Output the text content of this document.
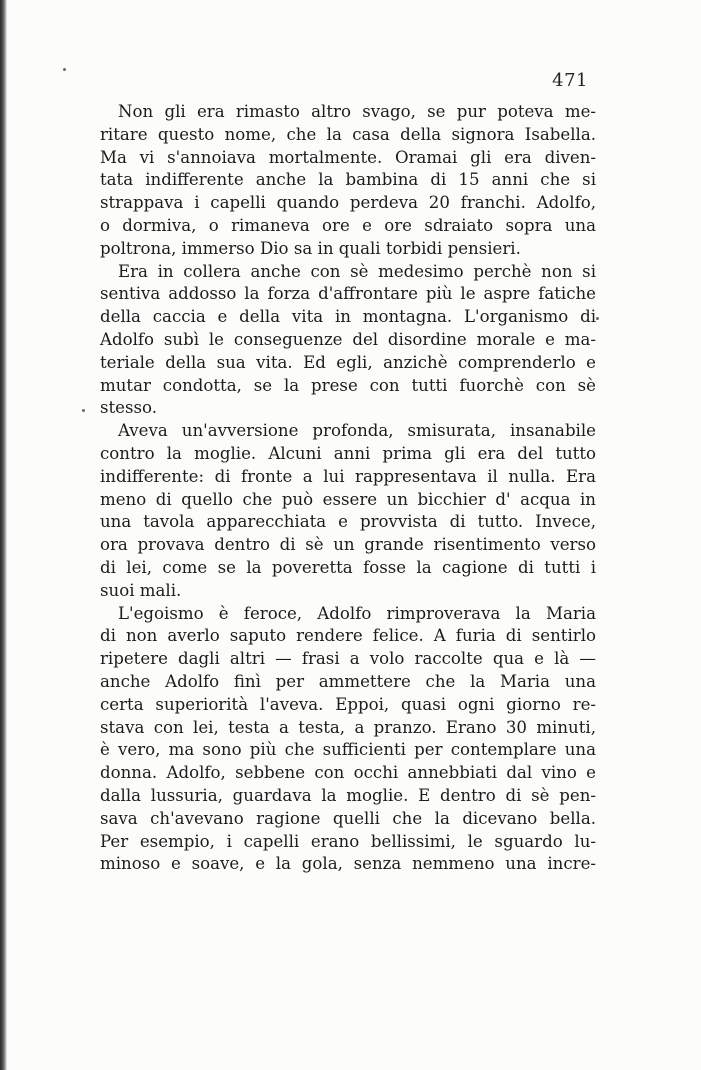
471

Non gli era rimasto altro svago, se pur poteva me-

ritare questo nome, che la casa della signora Isabella.

Ma vi s'annoiava mortalmente. Oramai gli era diven-

tata indifferente anche la bambina di 15 anni che si

strappava i capelli quando perdeva 20 franchi. Adolfo,

o dormiva, o rimaneva ore e ore sdraiato sopra una

poltrona, immerso Dio sa in quali torbidi pensieri.

Era in collera anche con sè medesimo perchè non si

sentiva addosso la forza d'affrontare più le aspre fatiche

della caccia e della vita in montagna. L'organismo di

Adolfo subì le conseguenze del disordine morale e ma-

teriale della sua vita. Ed egli, anzichè comprenderlo e

mutar condotta, se la prese con tutti fuorchè con sè

stesso.

Aveva un'avversione profonda, smisurata, insanabile

contro la moglie. Alcuni anni prima gli era del tutto

indifferente: di fronte a lui rappresentava il nulla. Era

meno di quello che può essere un bicchier d' acqua in

una tavola apparecchiata e provvista di tutto. Invece,

ora provava dentro di sè un grande risentimento verso

di lei, come se la poveretta fosse la cagione di tutti i

suoi mali.

L'egoismo è feroce, Adolfo rimproverava la Maria

di non averlo saputo rendere felice. A furia di sentirlo

ripetere dagli altri — frasi a volo raccolte qua e là —

anche Adolfo finì per ammettere che la Maria una

certa superiorità l'aveva. Eppoi, quasi ogni giorno re-

stava con lei, testa a testa, a pranzo. Erano 30 minuti,

è vero, ma sono più che sufficienti per contemplare una

donna. Adolfo, sebbene con occhi annebbiati dal vino e

dalla lussuria, guardava la moglie. E dentro di sè pen-

sava ch'avevano ragione quelli che la dicevano bella.

Per esempio, i capelli erano bellissimi, le sguardo lu-

minoso e soave, e la gola, senza nemmeno una incre-
